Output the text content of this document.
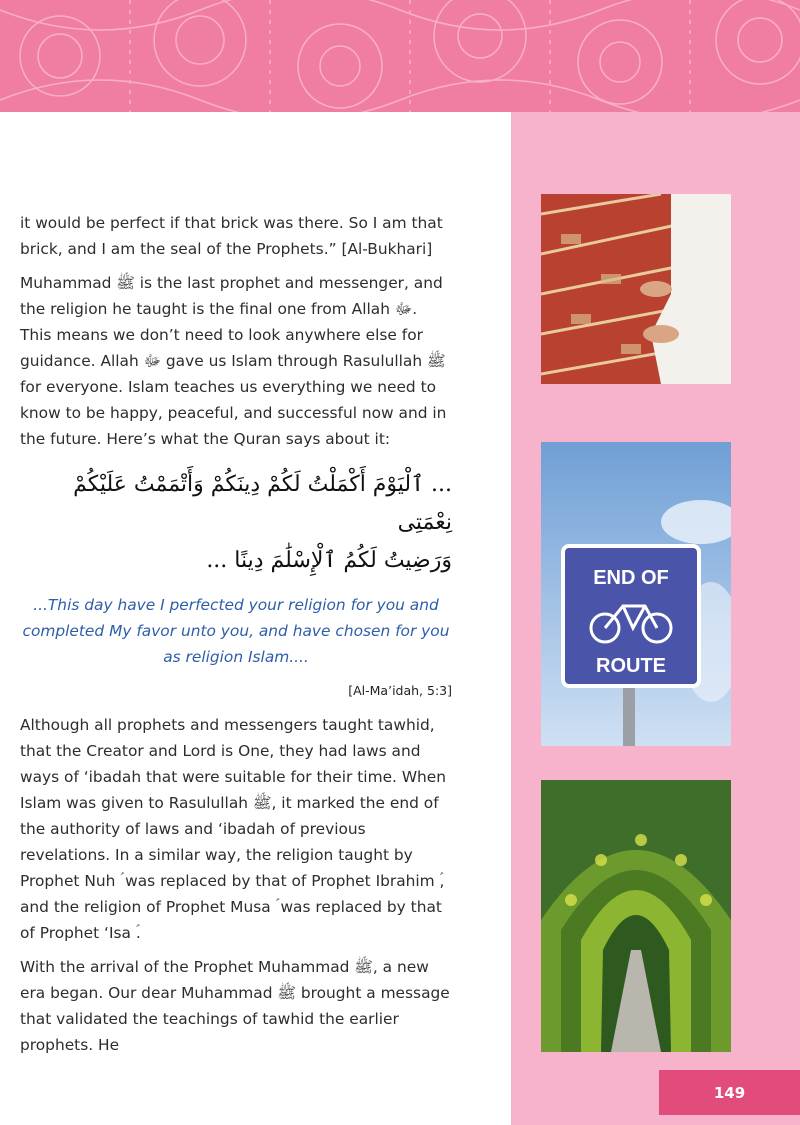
END OF
ROUTE

it would be perfect if that brick was there. So I am that brick, and I am the seal of the Prophets.” [Al-Bukhari]

Muhammad ﷺ is the last prophet and messenger, and the religion he taught is the final one from Allah ﷻ. This means we don’t need to look anywhere else for guidance. Allah ﷻ gave us Islam through Rasulullah ﷺ for everyone. Islam teaches us everything we need to know to be happy, peaceful, and successful now and in the future. Here’s what the Quran says about it:

... ٱلْيَوْمَ أَكْمَلْتُ لَكُمْ دِينَكُمْ وَأَتْمَمْتُ عَلَيْكُمْ نِعْمَتِى
وَرَضِيتُ لَكُمُ ٱلْإِسْلَٰمَ دِينًا ...

...This day have I perfected your religion for you and completed My favor unto you, and have chosen for you as religion Islam....

[Al-Ma’idah, 5:3]

Although all prophets and messengers taught tawhid, that the Creator and Lord is One, they had laws and ways of ‘ibadah that were suitable for their time. When Islam was given to Rasulullah ﷺ, it marked the end of the authority of laws and ‘ibadah of previous revelations. In a similar way, the religion taught by Prophet Nuh ؑ was replaced by that of Prophet Ibrahim ؑ, and the religion of Prophet Musa ؑ was replaced by that of Prophet ‘Isa ؑ.

With the arrival of the Prophet Muhammad ﷺ, a new era began. Our dear Muhammad ﷺ brought a message that validated the teachings of tawhid the earlier prophets. He

149
